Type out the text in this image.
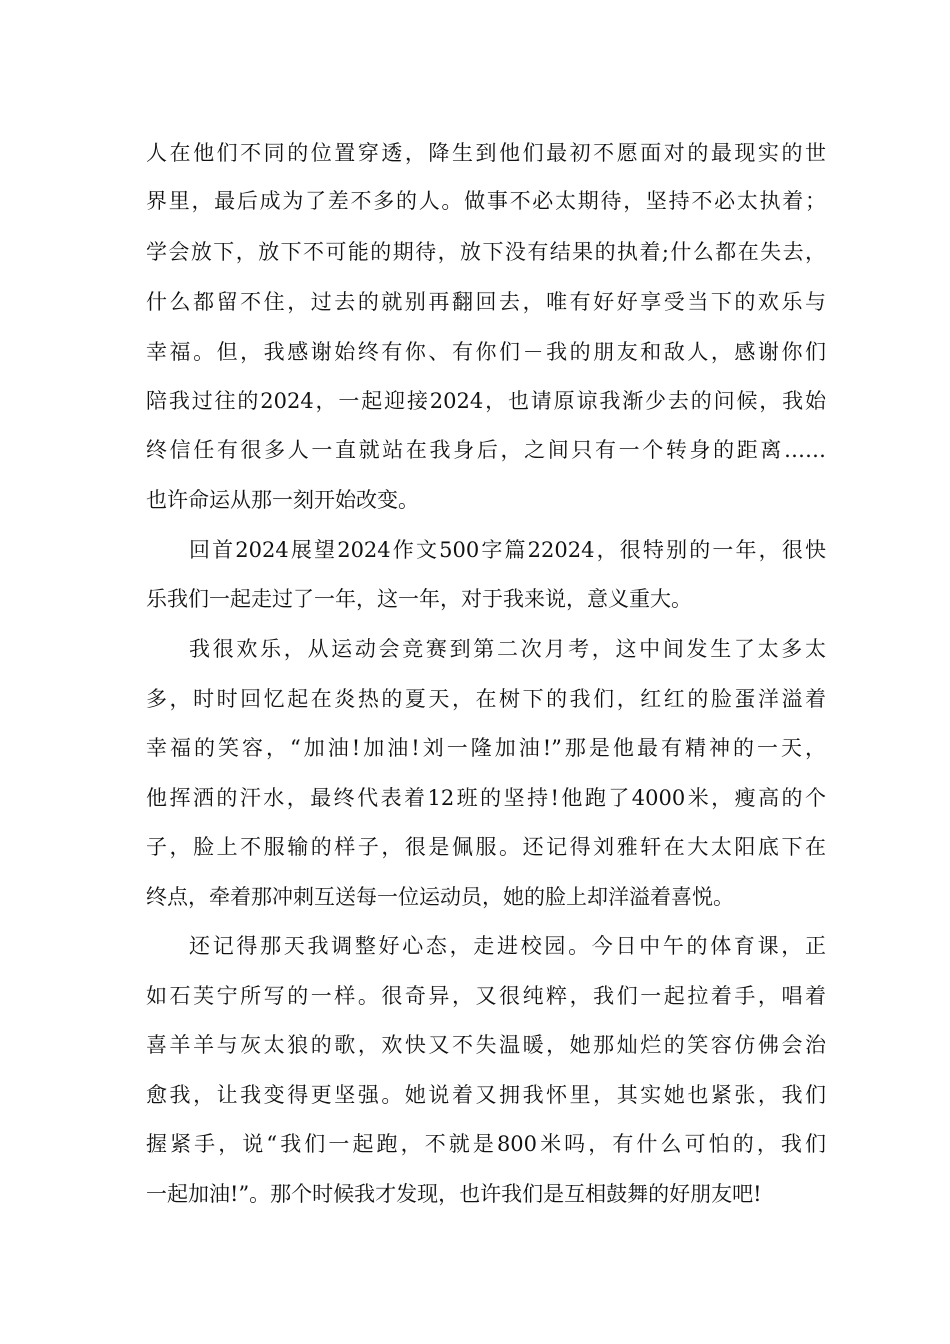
人在他们不同的位置穿透，降生到他们最初不愿面对的最现实的世
界里，最后成为了差不多的人。做事不必太期待，坚持不必太执着；
学会放下，放下不可能的期待，放下没有结果的执着;什么都在失去，
什么都留不住，过去的就别再翻回去，唯有好好享受当下的欢乐与
幸福。但，我感谢始终有你、有你们－我的朋友和敌人，感谢你们
陪我过往的2024，一起迎接2024，也请原谅我渐少去的问候，我始
终信任有很多人一直就站在我身后，之间只有一个转身的距离……
也许命运从那一刻开始改变。
回首2024展望2024作文500字篇22024，很特别的一年，很快
乐我们一起走过了一年，这一年，对于我来说，意义重大。
我很欢乐，从运动会竞赛到第二次月考，这中间发生了太多太
多，时时回忆起在炎热的夏天，在树下的我们，红红的脸蛋洋溢着
幸福的笑容，“加油!加油!刘一隆加油!”那是他最有精神的一天，
他挥洒的汗水，最终代表着12班的坚持!他跑了4000米，瘦高的个
子，脸上不服输的样子，很是佩服。还记得刘雅轩在大太阳底下在
终点，牵着那冲刺互送每一位运动员，她的脸上却洋溢着喜悦。
还记得那天我调整好心态，走进校园。今日中午的体育课，正
如石芙宁所写的一样。很奇异，又很纯粹，我们一起拉着手，唱着
喜羊羊与灰太狼的歌，欢快又不失温暖，她那灿烂的笑容仿佛会治
愈我，让我变得更坚强。她说着又拥我怀里，其实她也紧张，我们
握紧手，说“我们一起跑，不就是800米吗，有什么可怕的，我们
一起加油!”。那个时候我才发现，也许我们是互相鼓舞的好朋友吧!
